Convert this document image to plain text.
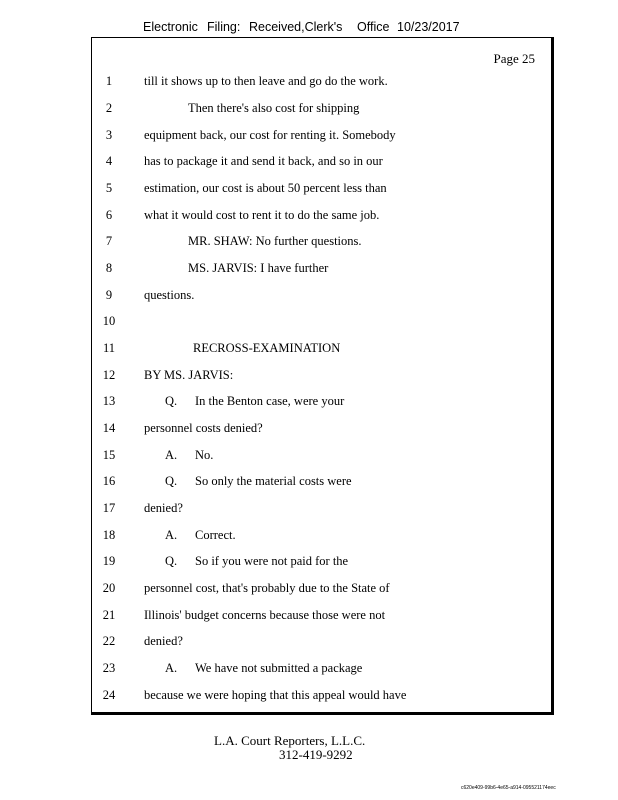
Electronic Filing: Received,Clerk's Office 10/23/2017
Page 25
1	till it shows up to then leave and go do the work.
2	Then there's also cost for shipping
3	equipment back, our cost for renting it. Somebody
4	has to package it and send it back, and so in our
5	estimation, our cost is about 50 percent less than
6	what it would cost to rent it to do the same job.
7	MR. SHAW: No further questions.
8	MS. JARVIS: I have further
9	questions.
10
11	RECROSS-EXAMINATION
12	BY MS. JARVIS:
13	Q. In the Benton case, were your
14	personnel costs denied?
15	A. No.
16	Q. So only the material costs were
17	denied?
18	A. Correct.
19	Q. So if you were not paid for the
20	personnel cost, that's probably due to the State of
21	Illinois' budget concerns because those were not
22	denied?
23	A. We have not submitted a package
24	because we were hoping that this appeal would have
L.A. Court Reporters, L.L.C.
312-419-9292
c620e409-99b6-4e65-a914-095521174eec
